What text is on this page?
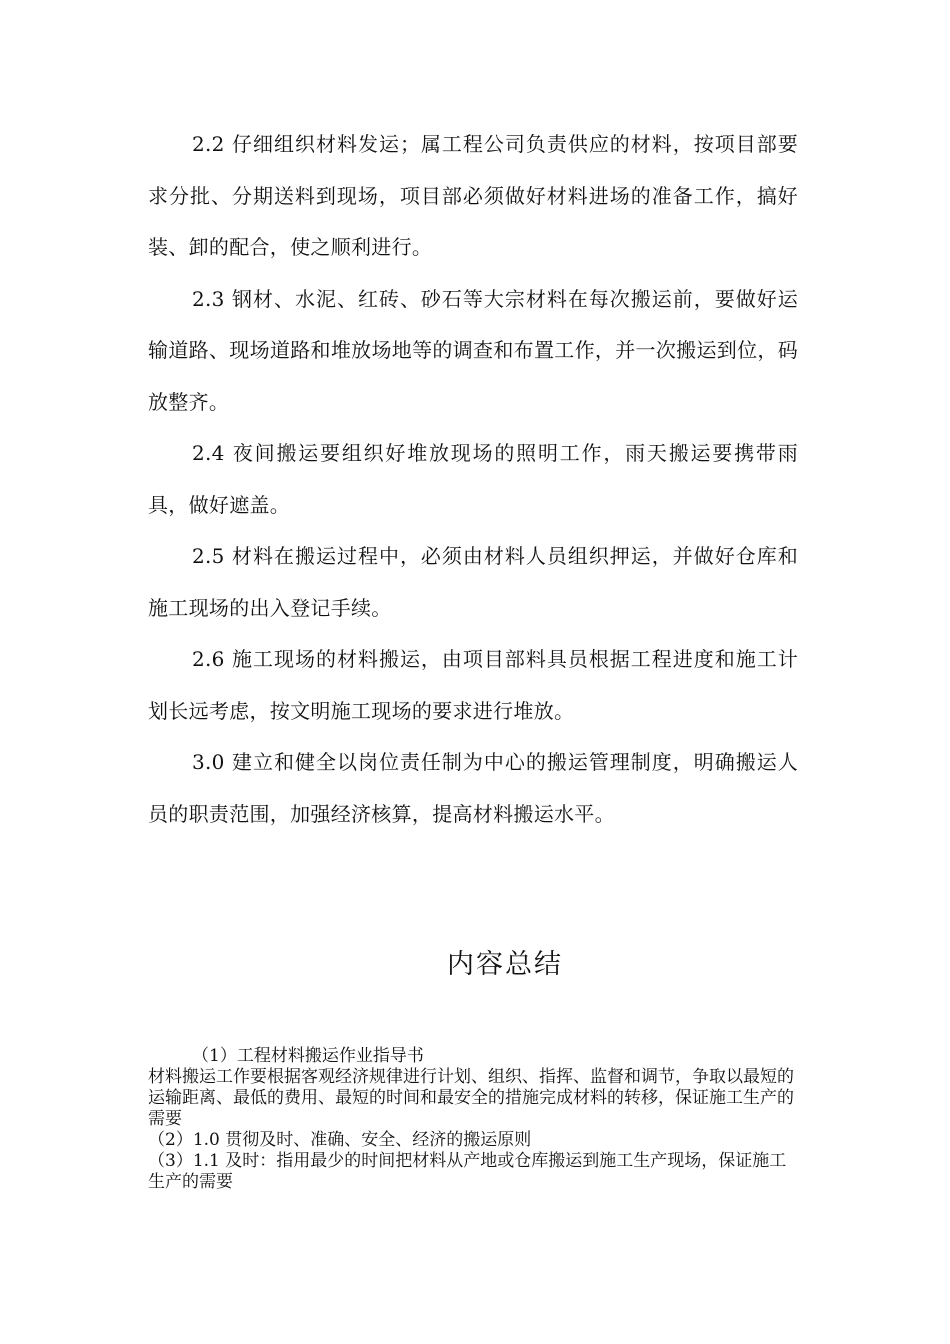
2.2 仔细组织材料发运；属工程公司负责供应的材料，按项目部要求分批、分期送料到现场，项目部必须做好材料进场的准备工作，搞好装、卸的配合，使之顺利进行。

2.3 钢材、水泥、红砖、砂石等大宗材料在每次搬运前，要做好运输道路、现场道路和堆放场地等的调查和布置工作，并一次搬运到位，码放整齐。

2.4 夜间搬运要组织好堆放现场的照明工作，雨天搬运要携带雨具，做好遮盖。

2.5 材料在搬运过程中，必须由材料人员组织押运，并做好仓库和施工现场的出入登记手续。

2.6 施工现场的材料搬运，由项目部料具员根据工程进度和施工计划长远考虑，按文明施工现场的要求进行堆放。

3.0 建立和健全以岗位责任制为中心的搬运管理制度，明确搬运人员的职责范围，加强经济核算，提高材料搬运水平。

内容总结

（1）工程材料搬运作业指导书

材料搬运工作要根据客观经济规律进行计划、组织、指挥、监督和调节，争取以最短的运输距离、最低的费用、最短的时间和最安全的措施完成材料的转移，保证施工生产的需要

（2）1.0 贯彻及时、准确、安全、经济的搬运原则

（3）1.1 及时：指用最少的时间把材料从产地或仓库搬运到施工生产现场，保证施工生产的需要
